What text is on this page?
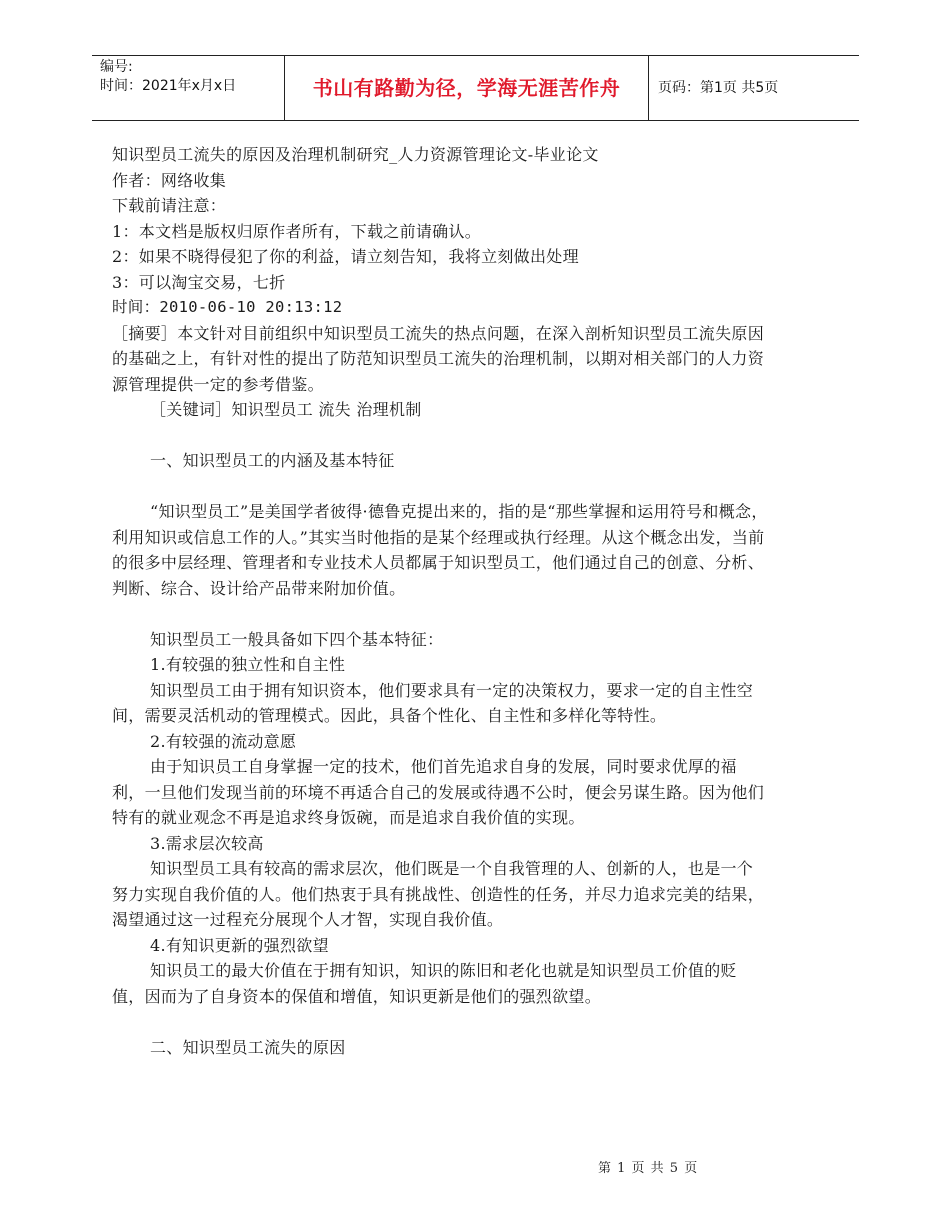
编号:
时间：2021年x月x日	书山有路勤为径，学海无涯苦作舟	页码：第1页 共5页

知识型员工流失的原因及治理机制研究_人力资源管理论文-毕业论文

作者：网络收集

下载前请注意：

1：本文档是版权归原作者所有，下载之前请确认。

2：如果不晓得侵犯了你的利益，请立刻告知，我将立刻做出处理

3：可以淘宝交易，七折

时间：2010-06-10 20:13:12

［摘要］本文针对目前组织中知识型员工流失的热点问题，在深入剖析知识型员工流失原因的基础之上，有针对性的提出了防范知识型员工流失的治理机制，以期对相关部门的人力资源管理提供一定的参考借鉴。

［关键词］知识型员工 流失 治理机制

一、知识型员工的内涵及基本特征

“知识型员工”是美国学者彼得·德鲁克提出来的，指的是“那些掌握和运用符号和概念，利用知识或信息工作的人。”其实当时他指的是某个经理或执行经理。从这个概念出发，当前的很多中层经理、管理者和专业技术人员都属于知识型员工，他们通过自己的创意、分析、判断、综合、设计给产品带来附加价值。

知识型员工一般具备如下四个基本特征：

1.有较强的独立性和自主性

知识型员工由于拥有知识资本，他们要求具有一定的决策权力，要求一定的自主性空间，需要灵活机动的管理模式。因此，具备个性化、自主性和多样化等特性。

2.有较强的流动意愿

由于知识员工自身掌握一定的技术，他们首先追求自身的发展，同时要求优厚的福利，一旦他们发现当前的环境不再适合自己的发展或待遇不公时，便会另谋生路。因为他们特有的就业观念不再是追求终身饭碗，而是追求自我价值的实现。

3.需求层次较高

知识型员工具有较高的需求层次，他们既是一个自我管理的人、创新的人，也是一个努力实现自我价值的人。他们热衷于具有挑战性、创造性的任务，并尽力追求完美的结果，渴望通过这一过程充分展现个人才智，实现自我价值。

4.有知识更新的强烈欲望

知识员工的最大价值在于拥有知识，知识的陈旧和老化也就是知识型员工价值的贬值，因而为了自身资本的保值和增值，知识更新是他们的强烈欲望。

二、知识型员工流失的原因

第 1 页 共 5 页
